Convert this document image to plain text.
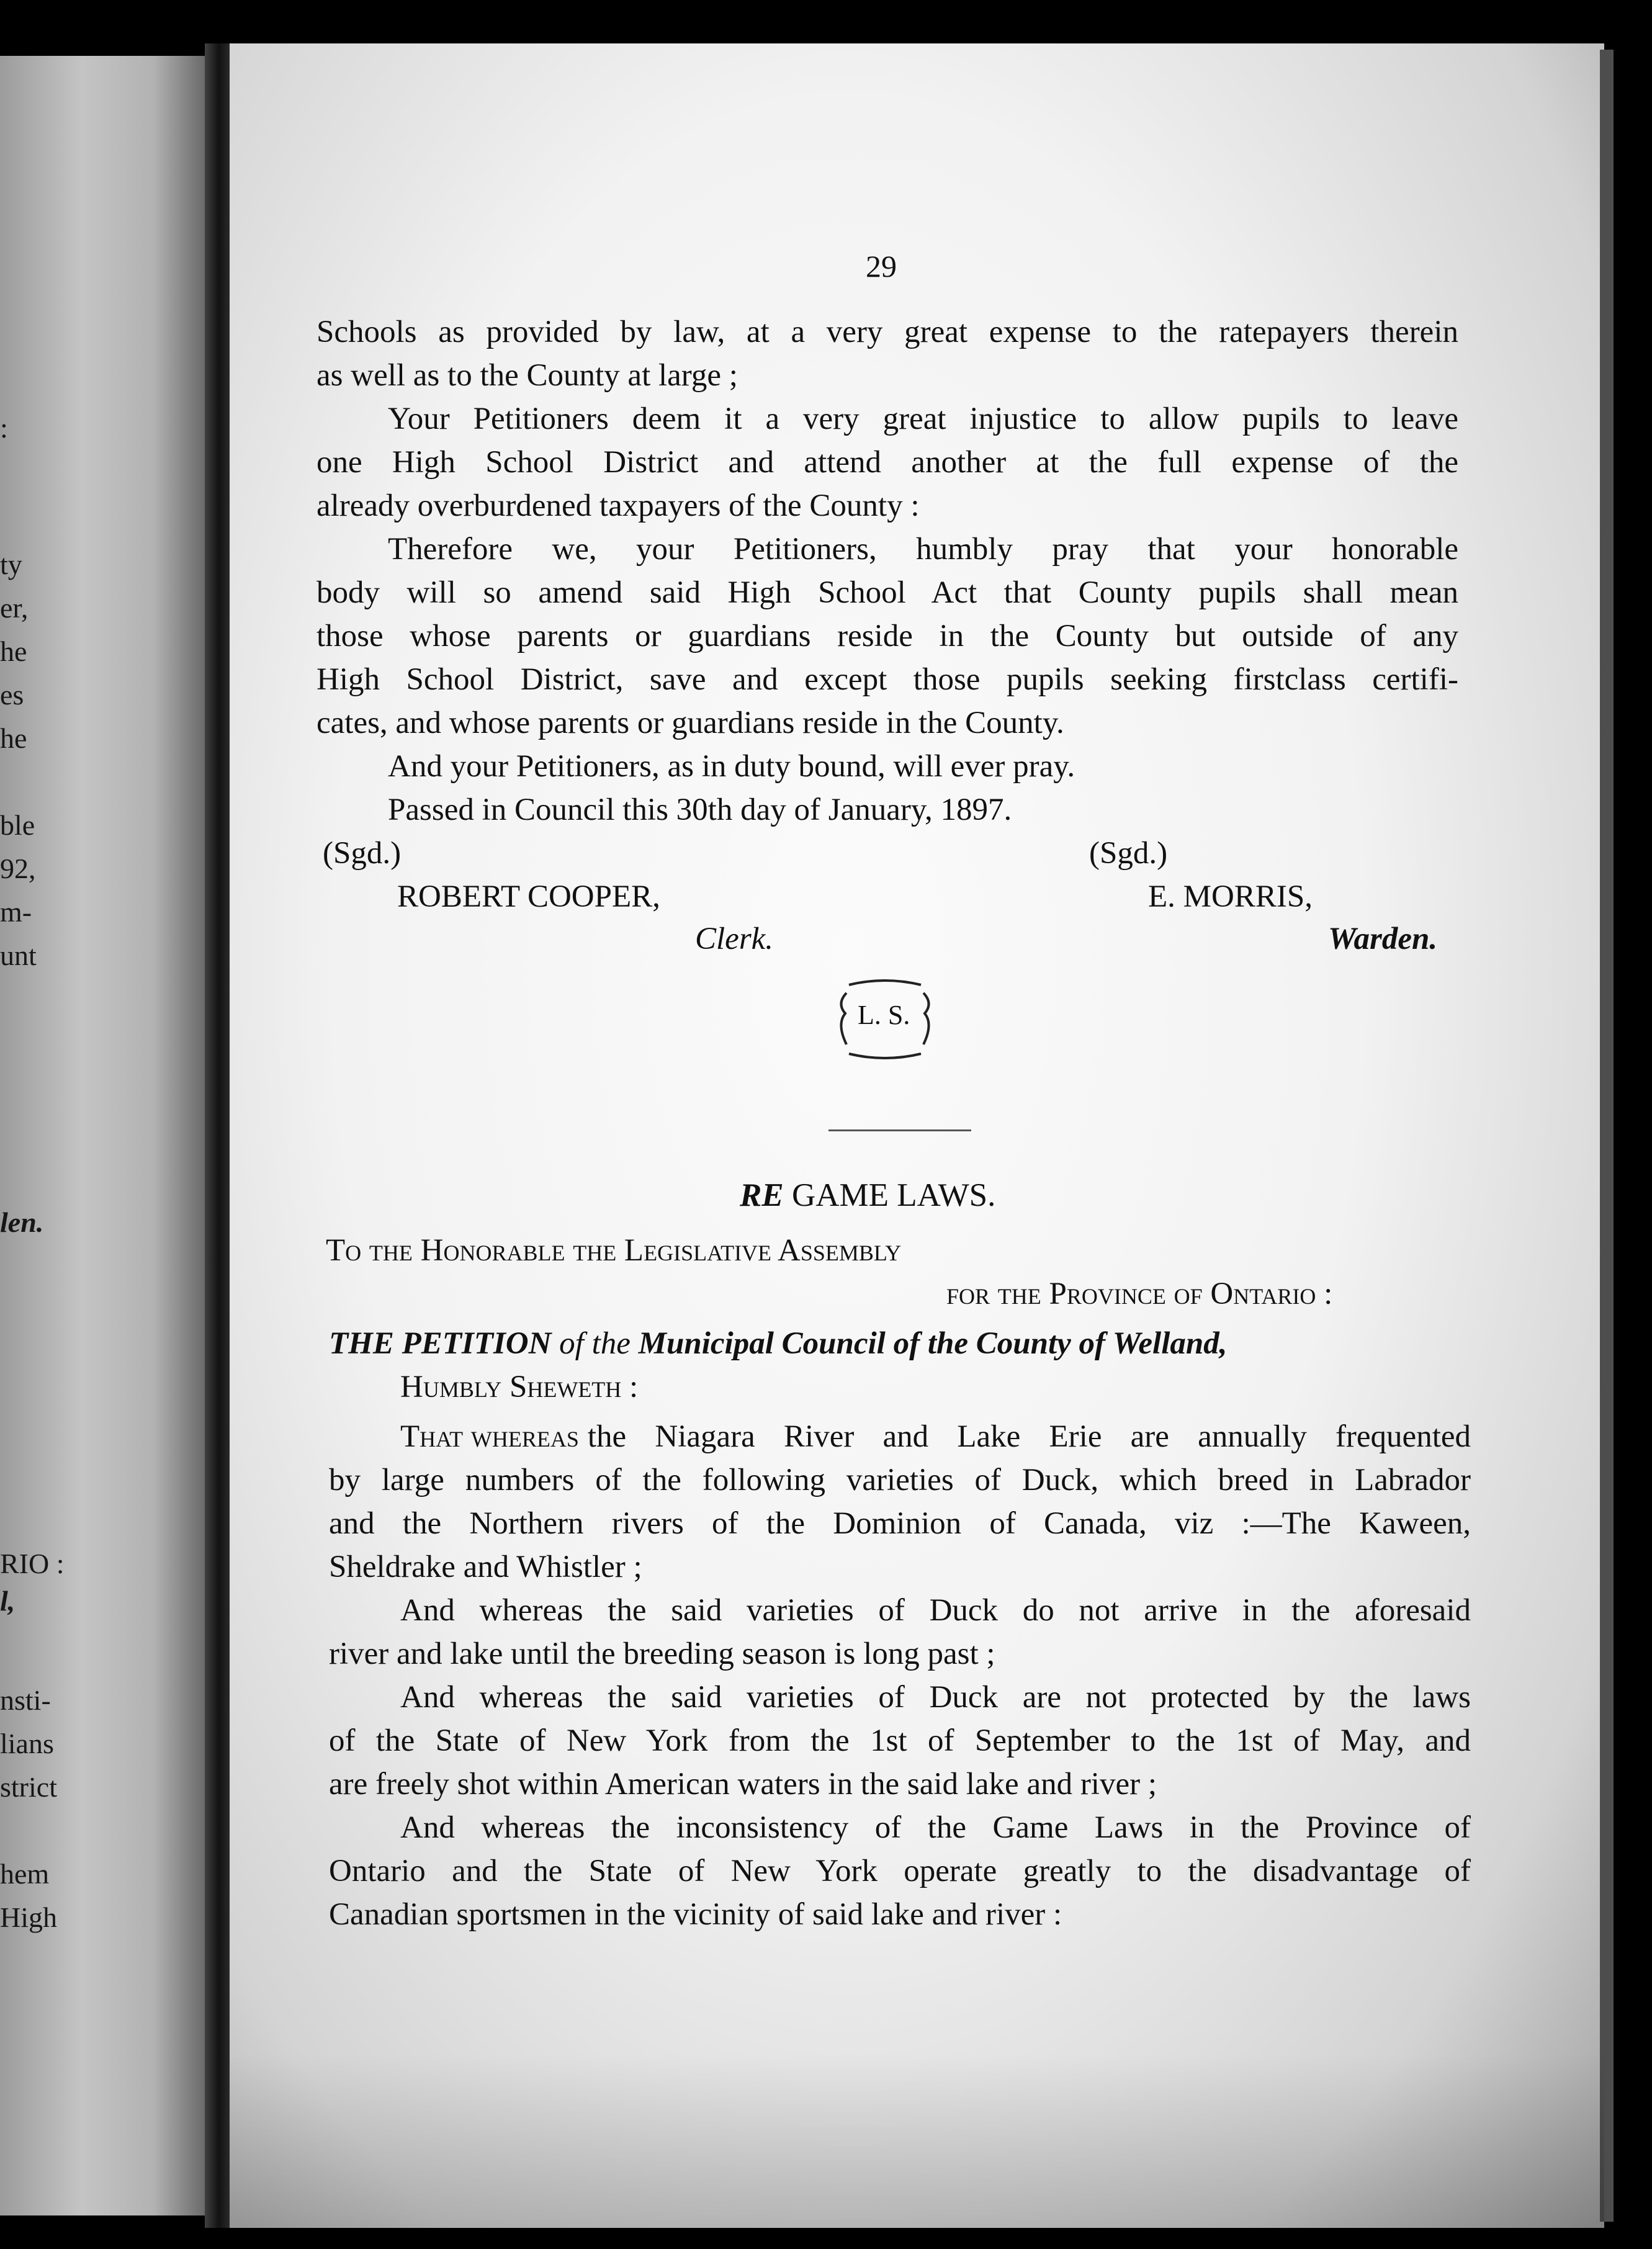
:
ty
er,
he
es
he
ble
92,
m-
unt
len.
RIO :
l,
nsti-
lians
strict
hem
High
29
Schools as provided by law, at a very great expense to the ratepayers therein
as well as to the County at large ;
Your Petitioners deem it a very great injustice to allow pupils to leave
one High School District and attend another at the full expense of the
already overburdened taxpayers of the County :
Therefore we, your Petitioners, humbly pray that your honorable
body will so amend said High School Act that County pupils shall mean
those whose parents or guardians reside in the County but outside of any
High School District, save and except those pupils seeking firstclass certifi-
cates, and whose parents or guardians reside in the County.
And your Petitioners, as in duty bound, will ever pray.
Passed in Council this 30th day of January, 1897.
(Sgd.)	(Sgd.)
ROBERT COOPER,	E. MORRIS,
Clerk.	Warden.
L. S.
RE GAME LAWS.
To the Honorable the Legislative Assembly
for the Province of Ontario :
THE PETITION of the Municipal Council of the County of Welland,
Humbly Sheweth :
That whereas the Niagara River and Lake Erie are annually frequented
by large numbers of the following varieties of Duck, which breed in Labrador
and the Northern rivers of the Dominion of Canada, viz :—The Kaween,
Sheldrake and Whistler ;
And whereas the said varieties of Duck do not arrive in the aforesaid
river and lake until the breeding season is long past ;
And whereas the said varieties of Duck are not protected by the laws
of the State of New York from the 1st of September to the 1st of May, and
are freely shot within American waters in the said lake and river ;
And whereas the inconsistency of the Game Laws in the Province of
Ontario and the State of New York operate greatly to the disadvantage of
Canadian sportsmen in the vicinity of said lake and river :
